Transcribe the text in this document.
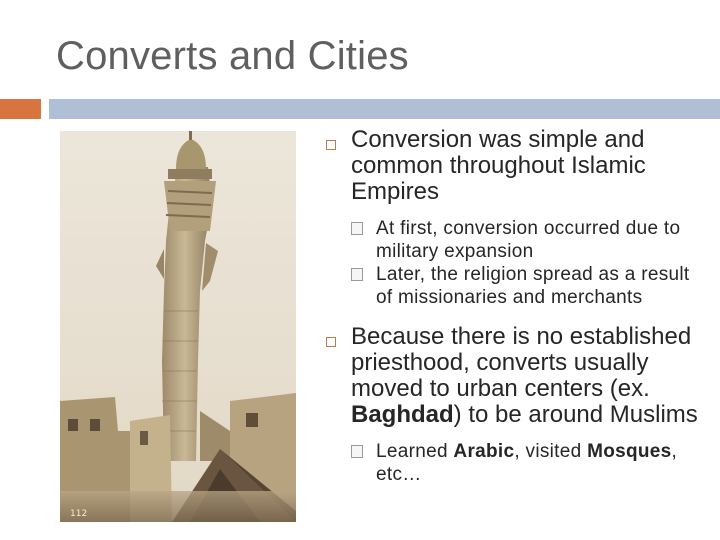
Converts and Cities
112
Conversion was simple and common throughout Islamic Empires
At first, conversion occurred due to military expansion
Later, the religion spread as a result of missionaries and merchants
Because there is no established priesthood, converts usually moved to urban centers (ex. Baghdad) to be around Muslims
Learned Arabic, visited Mosques, etc…
